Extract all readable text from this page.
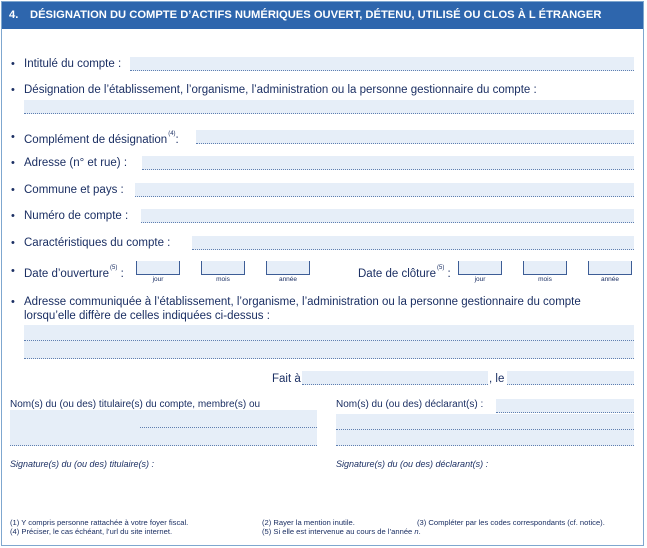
4. DÉSIGNATION DU COMPTE D’ACTIFS NUMÉRIQUES OUVERT, DÉTENU, UTILISÉ OU CLOS À L ÉTRANGER
• Intitulé du compte :
• Désignation de l’établissement, l’organisme, l’administration ou la personne gestionnaire du compte :
• Complément de désignation$^{(4)}$:
• Adresse (n° et rue) :
• Commune et pays :
• Numéro de compte :
• Caractéristiques du compte :
• Date d’ouverture$^{(5)}$ :	jour	mois	année	Date de clôture$^{(5)}$ :	jour	mois	année
• Adresse communiquée à l’établissement, l’organisme, l’administration ou la personne gestionnaire du compte
lorsqu’elle diffère de celles indiquées ci-dessus :
Fait à	, le
Nom(s) du (ou des) titulaire(s) du compte, membre(s) ou	Nom(s) du (ou des) déclarant(s) :
Signature(s) du (ou des) titulaire(s) :	Signature(s) du (ou des) déclarant(s) :
(1) Y compris personne rattachée à votre foyer fiscal.	(2) Rayer la mention inutile.	(3) Compléter par les codes correspondants (cf. notice).
(4) Préciser, le cas échéant, l’url du site internet.	(5) Si elle est intervenue au cours de l’année n.
